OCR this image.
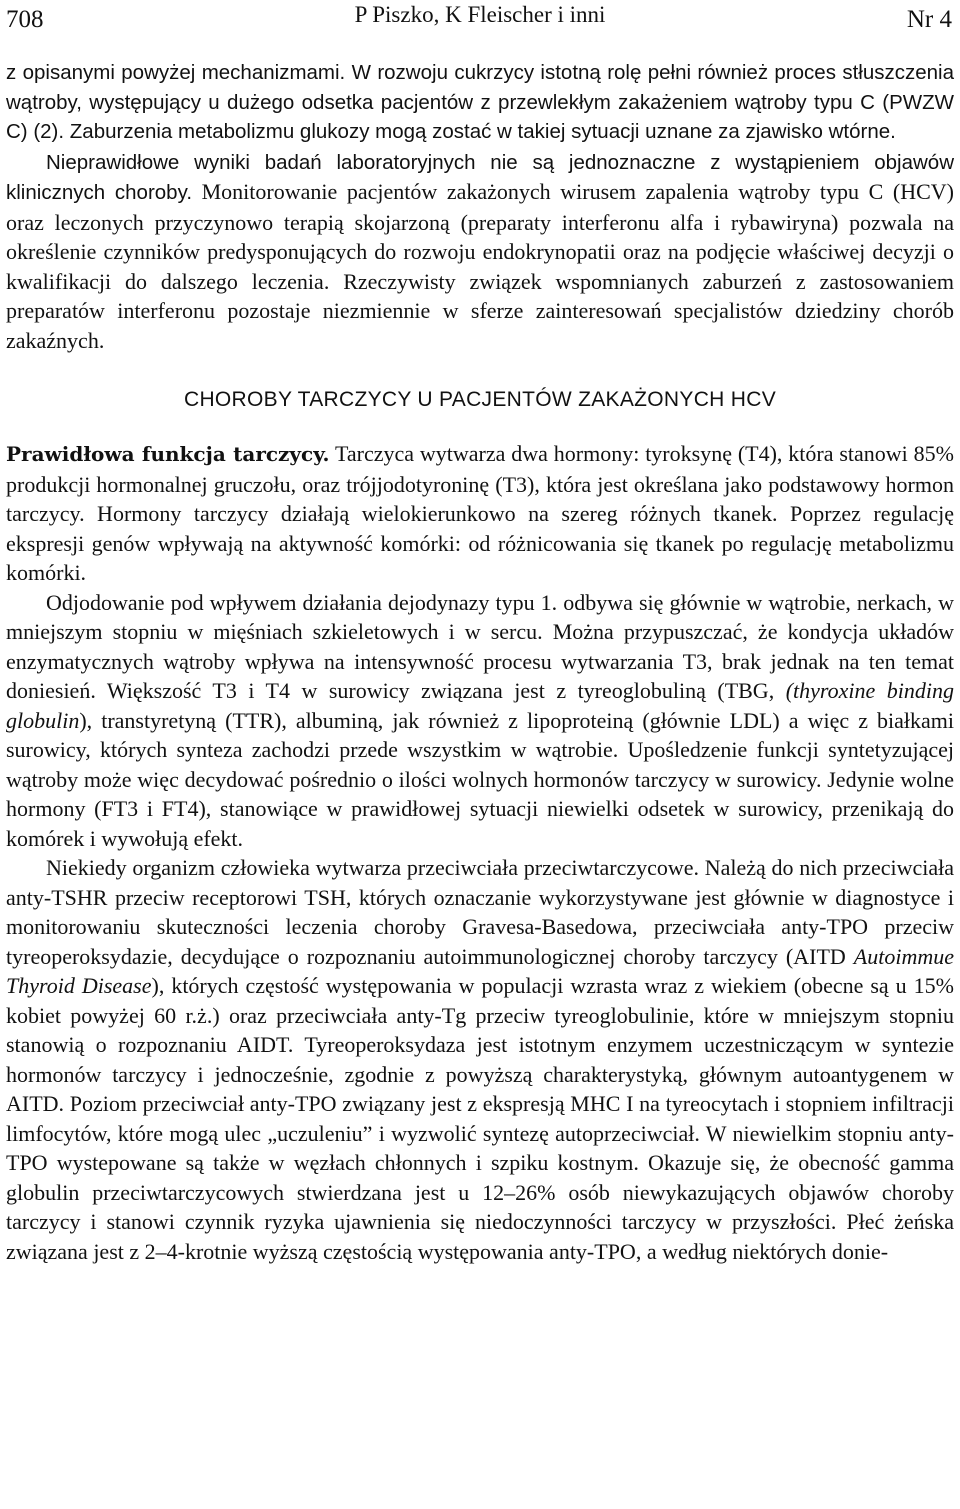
708	P Piszko, K Fleischer i inni	Nr 4

z opisanymi powyżej mechanizmami. W rozwoju cukrzycy istotną rolę pełni również proces stłuszczenia wątroby, występujący u dużego odsetka pacjentów z przewlekłym zakażeniem wątroby typu C (PWZW C) (2). Zaburzenia metabolizmu glukozy mogą zostać w takiej sytuacji uznane za zjawisko wtórne.

Nieprawidłowe wyniki badań laboratoryjnych nie są jednoznaczne z wystąpieniem objawów klinicznych choroby. Monitorowanie pacjentów zakażonych wirusem zapalenia wątroby typu C (HCV) oraz leczonych przyczynowo terapią skojarzoną (preparaty interferonu alfa i rybawiryna) pozwala na określenie czynników predysponujących do rozwoju endokrynopatii oraz na podjęcie właściwej decyzji o kwalifikacji do dalszego leczenia. Rzeczywisty związek wspomnianych zaburzeń z zastosowaniem preparatów interferonu pozostaje niezmiennie w sferze zainteresowań specjalistów dziedziny chorób zakaźnych.

CHOROBY TARCZYCY U PACJENTÓW ZAKAŻONYCH HCV

Prawidłowa funkcja tarczycy. Tarczyca wytwarza dwa hormony: tyroksynę (T4), która stanowi 85% produkcji hormonalnej gruczołu, oraz trójjodotyroninę (T3), która jest określana jako podstawowy hormon tarczycy. Hormony tarczycy działają wielokierunkowo na szereg różnych tkanek. Poprzez regulację ekspresji genów wpływają na aktywność komórki: od różnicowania się tkanek po regulację metabolizmu komórki.

Odjodowanie pod wpływem działania dejodynazy typu 1. odbywa się głównie w wątrobie, nerkach, w mniejszym stopniu w mięśniach szkieletowych i w sercu. Można przypuszczać, że kondycja układów enzymatycznych wątroby wpływa na intensywność procesu wytwarzania T3, brak jednak na ten temat doniesień. Większość T3 i T4 w surowicy związana jest z tyreoglobuliną (TBG, (thyroxine binding globulin), transtyretyną (TTR), albuminą, jak również z lipoproteiną (głównie LDL) a więc z białkami surowicy, których synteza zachodzi przede wszystkim w wątrobie. Upośledzenie funkcji syntetyzującej wątroby może więc decydować pośrednio o ilości wolnych hormonów tarczycy w surowicy. Jedynie wolne hormony (FT3 i FT4), stanowiące w prawidłowej sytuacji niewielki odsetek w surowicy, przenikają do komórek i wywołują efekt.

Niekiedy organizm człowieka wytwarza przeciwciała przeciwtarczycowe. Należą do nich przeciwciała anty-TSHR przeciw receptorowi TSH, których oznaczanie wykorzystywane jest głównie w diagnostyce i monitorowaniu skuteczności leczenia choroby Gravesa-Basedowa, przeciwciała anty-TPO przeciw tyreoperoksydazie, decydujące o rozpoznaniu autoimmunologicznej choroby tarczycy (AITD Autoimmue Thyroid Disease), których częstość występowania w populacji wzrasta wraz z wiekiem (obecne są u 15% kobiet powyżej 60 r.ż.) oraz przeciwciała anty-Tg przeciw tyreoglobulinie, które w mniejszym stopniu stanowią o rozpoznaniu AIDT. Tyreoperoksydaza jest istotnym enzymem uczestniczącym w syntezie hormonów tarczycy i jednocześnie, zgodnie z powyższą charakterystyką, głównym autoantygenem w AITD. Poziom przeciwciał anty-TPO związany jest z ekspresją MHC I na tyreocytach i stopniem infiltracji limfocytów, które mogą ulec „uczuleniu” i wyzwolić syntezę autoprzeciwciał. W niewielkim stopniu anty-TPO wystepowane są także w węzłach chłonnych i szpiku kostnym. Okazuje się, że obecność gamma globulin przeciwtarczycowych stwierdzana jest u 12–26% osób niewykazujących objawów choroby tarczycy i stanowi czynnik ryzyka ujawnienia się niedoczynności tarczycy w przyszłości. Płeć żeńska związana jest z 2–4-krotnie wyższą częstością występowania anty-TPO, a według niektórych donie-
